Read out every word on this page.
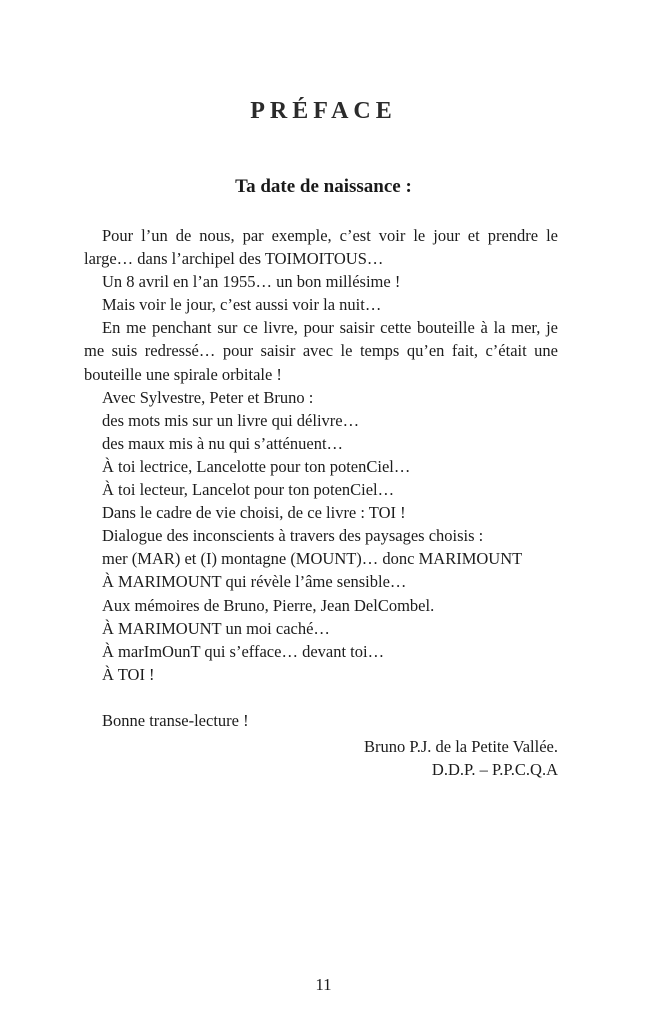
PRÉFACE
Ta date de naissance :

Pour l’un de nous, par exemple, c’est voir le jour et prendre le large… dans l’archipel des TOIMOITOUS…

Un 8 avril en l’an 1955… un bon millésime !

Mais voir le jour, c’est aussi voir la nuit…

En me penchant sur ce livre, pour saisir cette bouteille à la mer, je me suis redressé… pour saisir avec le temps qu’en fait, c’était une bouteille une spirale orbitale !

Avec Sylvestre, Peter et Bruno :

des mots mis sur un livre qui délivre…

des maux mis à nu qui s’atténuent…

À toi lectrice, Lancelotte pour ton potenCiel…

À toi lecteur, Lancelot pour ton potenCiel…

Dans le cadre de vie choisi, de ce livre : TOI !

Dialogue des inconscients à travers des paysages choisis :

mer (MAR) et (I) montagne (MOUNT)… donc MARIMOUNT

À MARIMOUNT qui révèle l’âme sensible…

Aux mémoires de Bruno, Pierre, Jean DelCombel.

À MARIMOUNT un moi caché…

À marImOunT qui s’efface… devant toi…

À TOI !

Bonne transe-lecture !

Bruno P.J. de la Petite Vallée.

D.D.P. – P.P.C.Q.A

11
